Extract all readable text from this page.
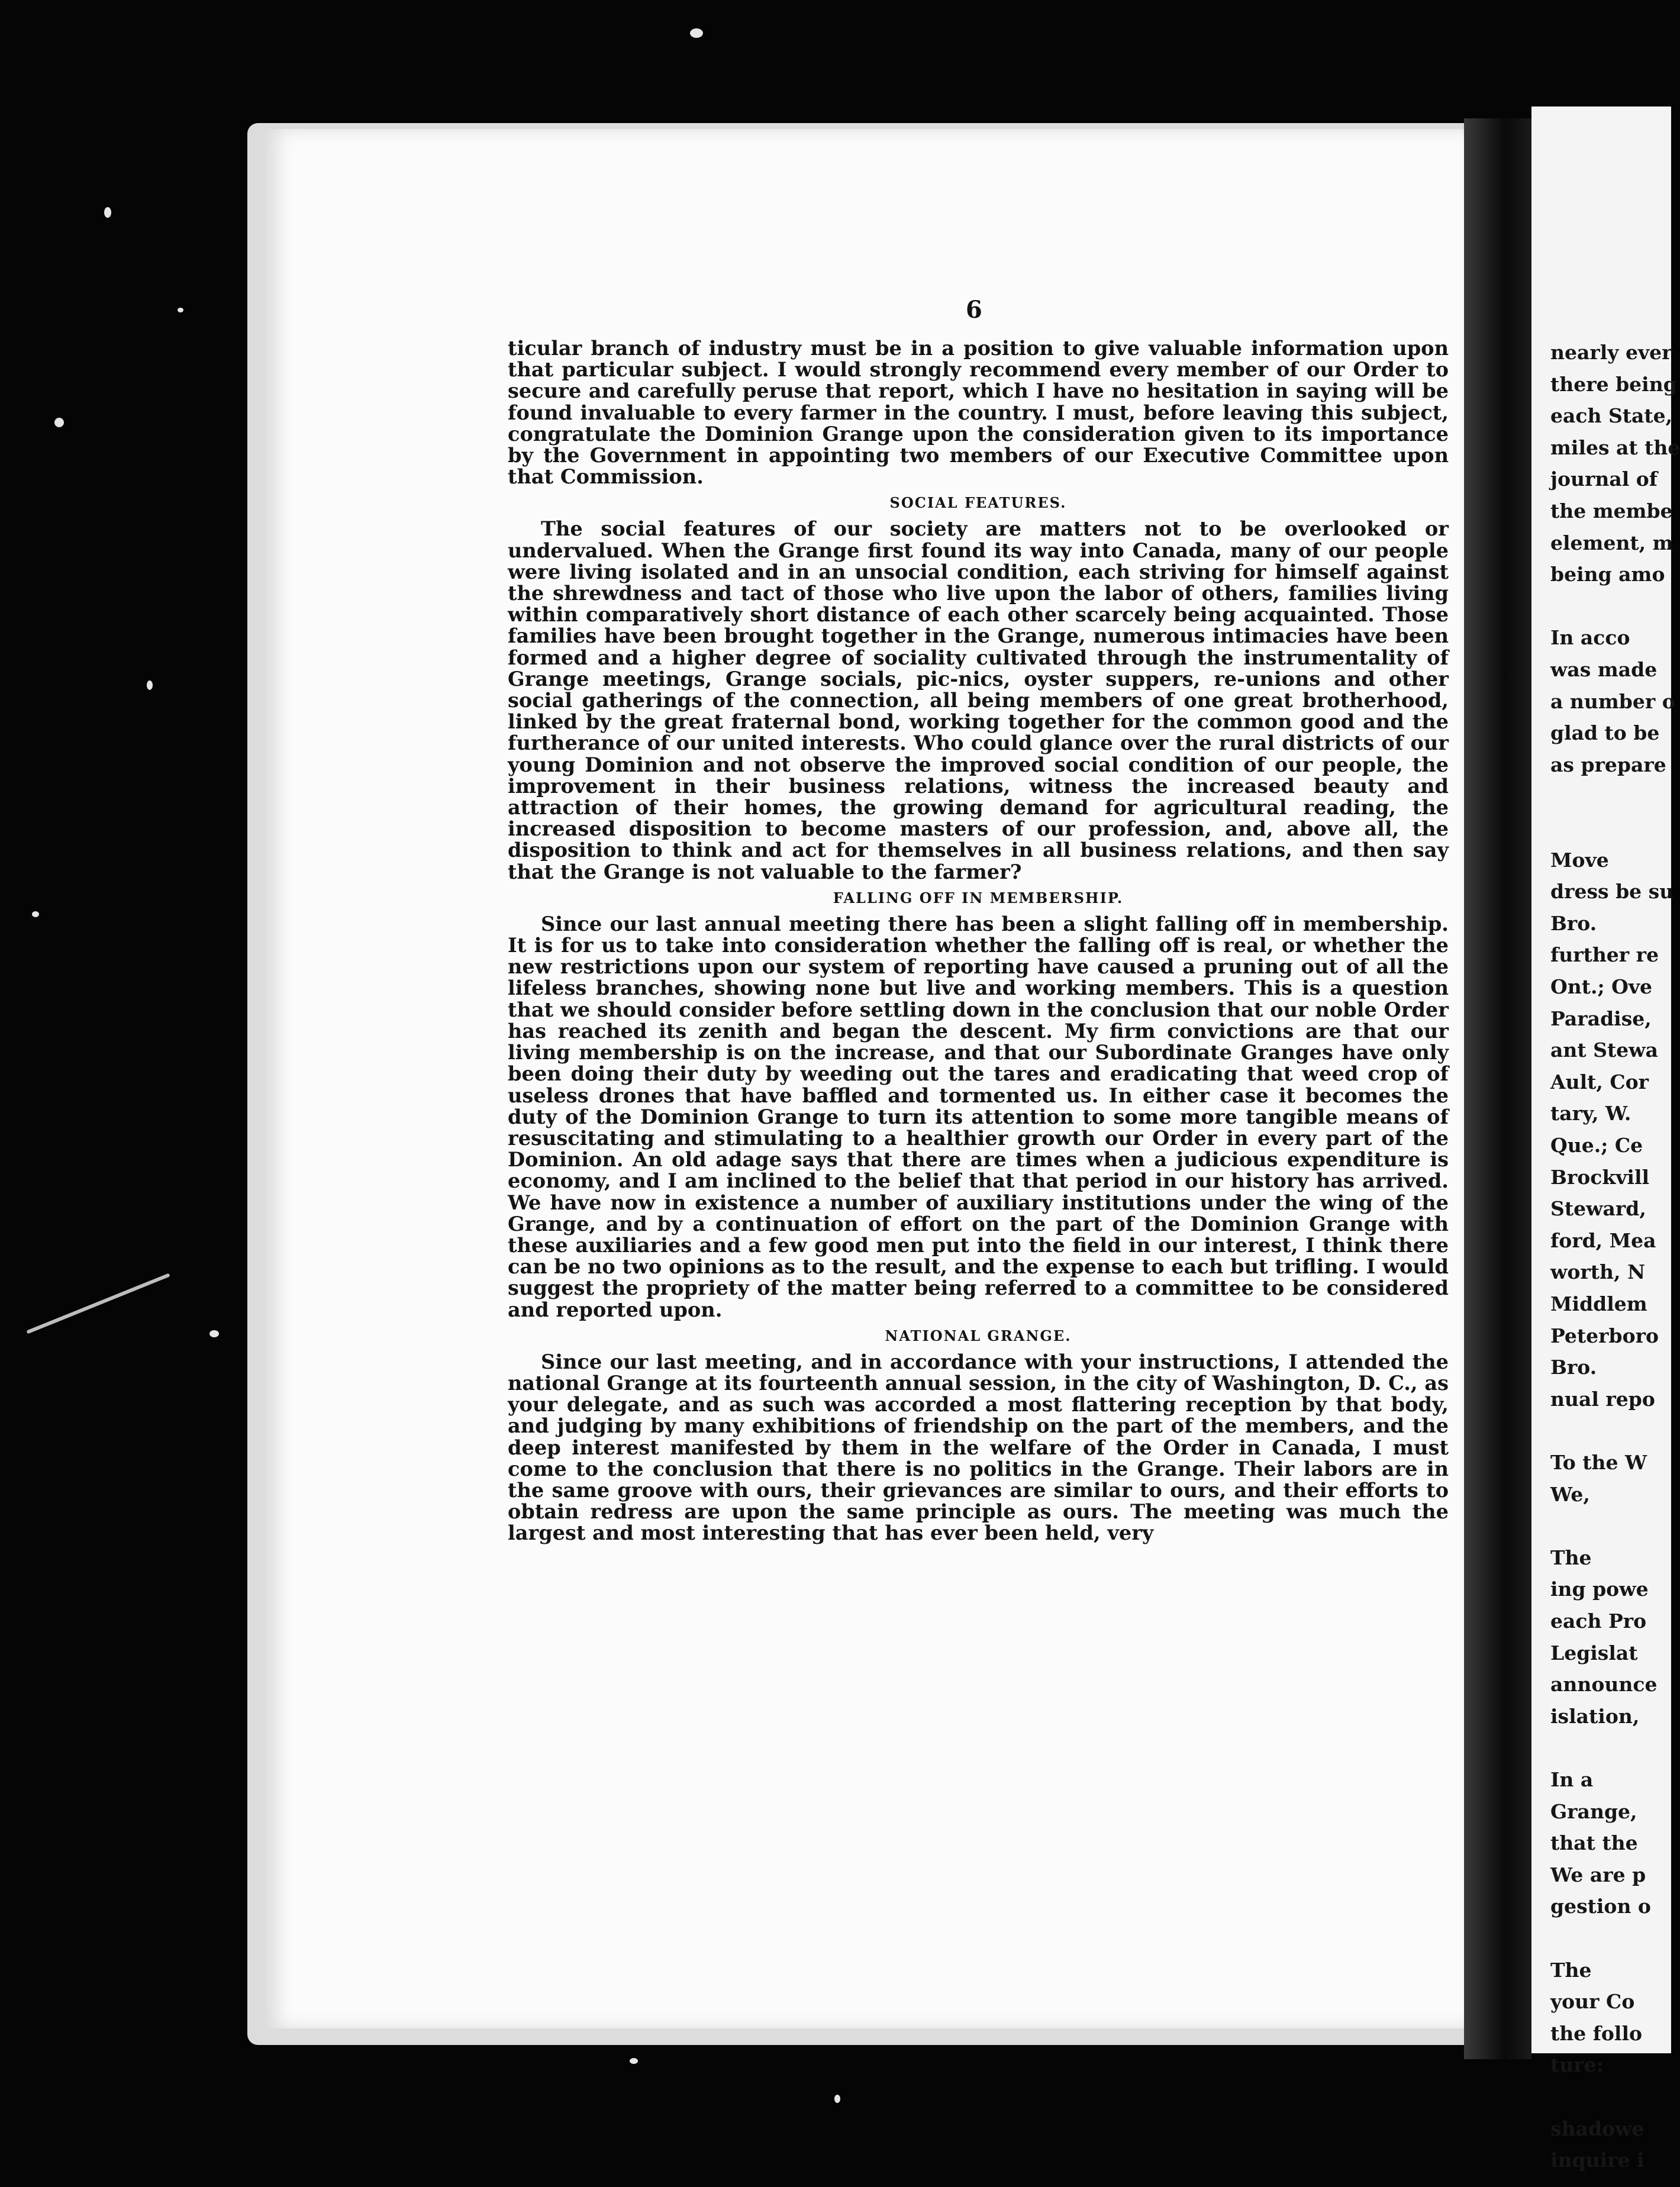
6

ticular branch of industry must be in a position to give valuable information upon that particular subject. I would strongly recommend every member of our Order to secure and carefully peruse that report, which I have no hesitation in saying will be found invaluable to every farmer in the country. I must, before leaving this subject, congratulate the Dominion Grange upon the consideration given to its importance by the Government in appointing two members of our Executive Committee upon that Commission.

SOCIAL FEATURES.

The social features of our society are matters not to be overlooked or undervalued. When the Grange first found its way into Canada, many of our people were living isolated and in an unsocial condition, each striving for himself against the shrewdness and tact of those who live upon the labor of others, families living within comparatively short distance of each other scarcely being acquainted. Those families have been brought together in the Grange, numerous intimacies have been formed and a higher degree of sociality cultivated through the instrumentality of Grange meetings, Grange socials, pic-nics, oyster suppers, re-unions and other social gatherings of the connection, all being members of one great brotherhood, linked by the great fraternal bond, working together for the common good and the furtherance of our united interests. Who could glance over the rural districts of our young Dominion and not observe the improved social condition of our people, the improvement in their business relations, witness the increased beauty and attraction of their homes, the growing demand for agricultural reading, the increased disposition to become masters of our profession, and, above all, the disposition to think and act for themselves in all business relations, and then say that the Grange is not valuable to the farmer?

FALLING OFF IN MEMBERSHIP.

Since our last annual meeting there has been a slight falling off in membership. It is for us to take into consideration whether the falling off is real, or whether the new restrictions upon our system of reporting have caused a pruning out of all the lifeless branches, showing none but live and working members. This is a question that we should consider before settling down in the conclusion that our noble Order has reached its zenith and began the descent. My firm convictions are that our living membership is on the increase, and that our Subordinate Granges have only been doing their duty by weeding out the tares and eradicating that weed crop of useless drones that have baffled and tormented us. In either case it becomes the duty of the Dominion Grange to turn its attention to some more tangible means of resuscitating and stimulating to a healthier growth our Order in every part of the Dominion. An old adage says that there are times when a judicious expenditure is economy, and I am inclined to the belief that that period in our history has arrived. We have now in existence a number of auxiliary institutions under the wing of the Grange, and by a continuation of effort on the part of the Dominion Grange with these auxiliaries and a few good men put into the field in our interest, I think there can be no two opinions as to the result, and the expense to each but trifling. I would suggest the propriety of the matter being referred to a committee to be considered and reported upon.

NATIONAL GRANGE.

Since our last meeting, and in accordance with your instructions, I attended the national Grange at its fourteenth annual session, in the city of Washington, D. C., as your delegate, and as such was accorded a most flattering reception by that body, and judging by many exhibitions of friendship on the part of the members, and the deep interest manifested by them in the welfare of the Order in Canada, I must come to the conclusion that there is no politics in the Grange. Their labors are in the same groove with ours, their grievances are similar to ours, and their efforts to obtain redress are upon the same principle as ours. The meeting was much the largest and most interesting that has ever been held, very

nearly ever
there being
each State,
miles at the
journal of
the membe
element, m
being amo
In acco
was made
a number o
glad to be
as prepare
Move
dress be su
Bro.
further re
Ont.; Ove
Paradise,
ant Stewa
Ault, Cor
tary, W.
Que.; Ce
Brockvill
Steward,
ford, Mea
worth, N
Middlem
Peterboro
Bro.
nual repo
To the W
We,
The
ing powe
each Pro
Legislat
announce
islation,
In a
Grange,
that the
We are p
gestion o
The
your Co
the follo
ture:
shadowe
inquire i
